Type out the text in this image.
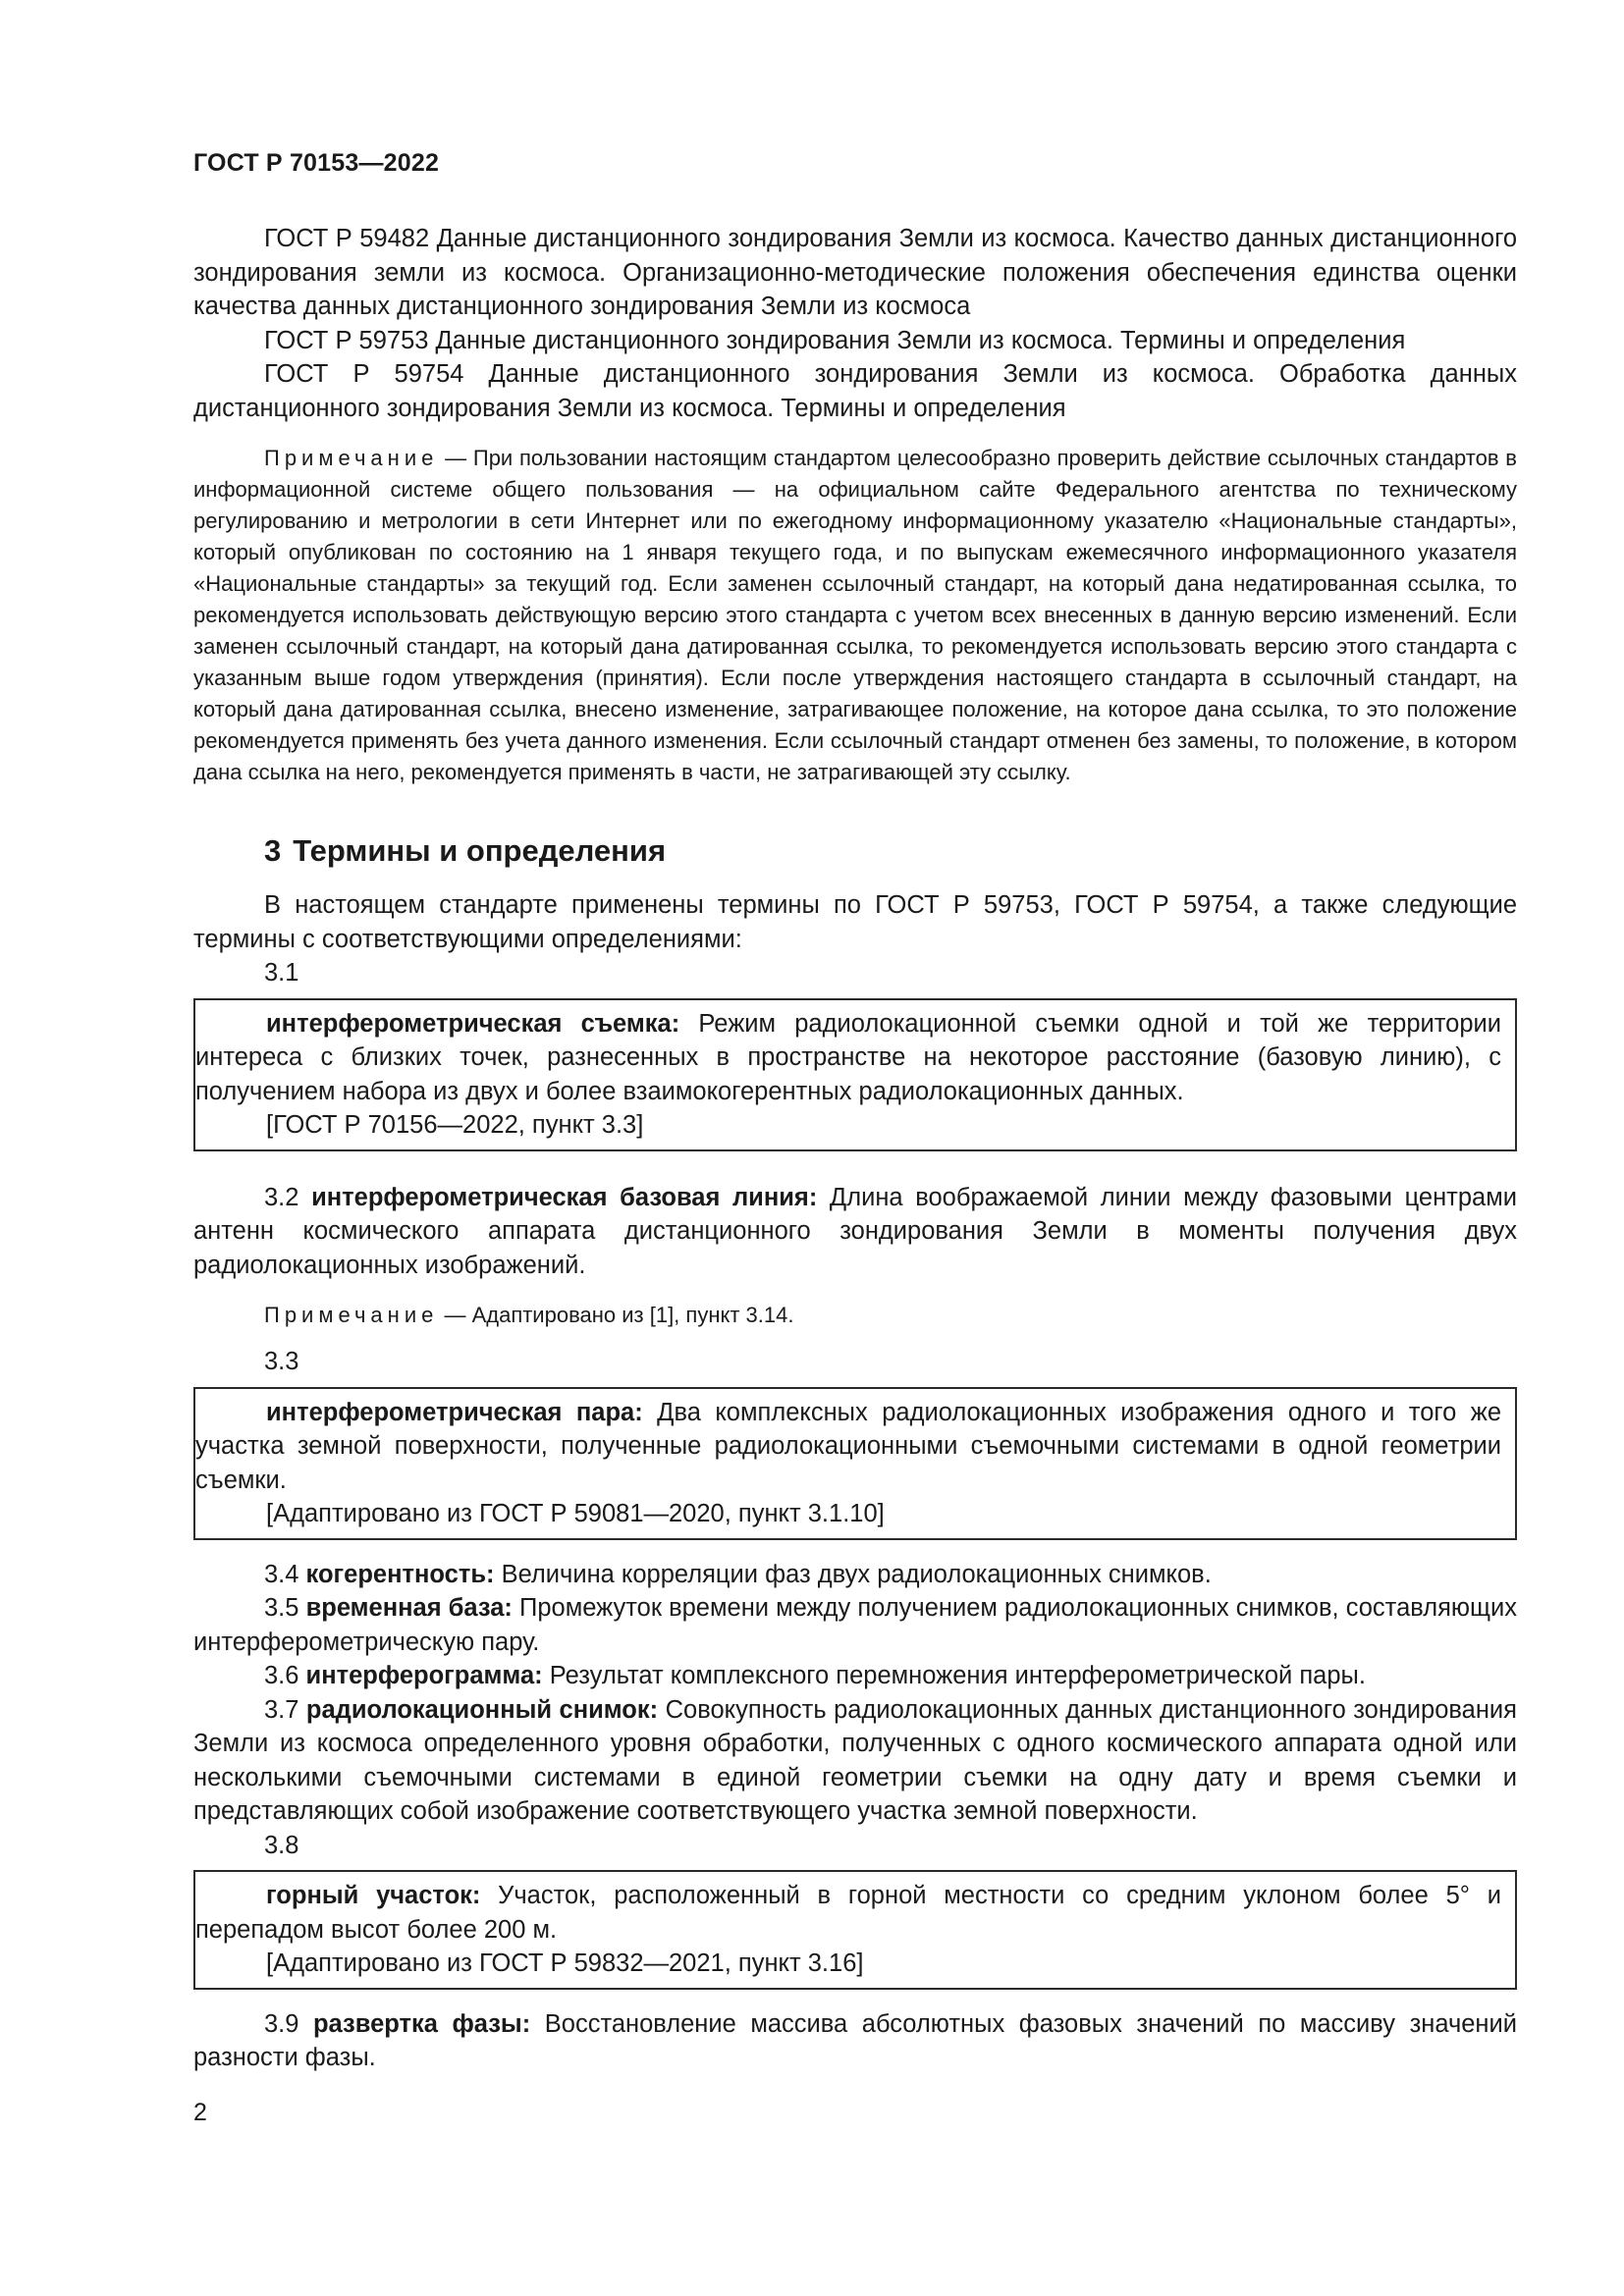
ГОСТ Р 70153—2022

ГОСТ Р 59482 Данные дистанционного зондирования Земли из космоса. Качество данных дистанционного зондирования земли из космоса. Организационно-методические положения обеспечения единства оценки качества данных дистанционного зондирования Земли из космоса

ГОСТ Р 59753 Данные дистанционного зондирования Земли из космоса. Термины и определения

ГОСТ Р 59754 Данные дистанционного зондирования Земли из космоса. Обработка данных дистанционного зондирования Земли из космоса. Термины и определения

Примечание — При пользовании настоящим стандартом целесообразно проверить действие ссылочных стандартов в информационной системе общего пользования — на официальном сайте Федерального агентства по техническому регулированию и метрологии в сети Интернет или по ежегодному информационному указателю «Национальные стандарты», который опубликован по состоянию на 1 января текущего года, и по выпускам ежемесячного информационного указателя «Национальные стандарты» за текущий год. Если заменен ссылочный стандарт, на который дана недатированная ссылка, то рекомендуется использовать действующую версию этого стандарта с учетом всех внесенных в данную версию изменений. Если заменен ссылочный стандарт, на который дана датированная ссылка, то рекомендуется использовать версию этого стандарта с указанным выше годом утверждения (принятия). Если после утверждения настоящего стандарта в ссылочный стандарт, на который дана датированная ссылка, внесено изменение, затрагивающее положение, на которое дана ссылка, то это положение рекомендуется применять без учета данного изменения. Если ссылочный стандарт отменен без замены, то положение, в котором дана ссылка на него, рекомендуется применять в части, не затрагивающей эту ссылку.

3 Термины и определения

В настоящем стандарте применены термины по ГОСТ Р 59753, ГОСТ Р 59754, а также следующие термины с соответствующими определениями:

3.1

интерферометрическая съемка: Режим радиолокационной съемки одной и той же территории интереса с близких точек, разнесенных в пространстве на некоторое расстояние (базовую линию), с получением набора из двух и более взаимокогерентных радиолокационных данных.

[ГОСТ Р 70156—2022, пункт 3.3]

3.2 интерферометрическая базовая линия: Длина воображаемой линии между фазовыми центрами антенн космического аппарата дистанционного зондирования Земли в моменты получения двух радиолокационных изображений.

Примечание — Адаптировано из [1], пункт 3.14.

3.3

интерферометрическая пара: Два комплексных радиолокационных изображения одного и того же участка земной поверхности, полученные радиолокационными съемочными системами в одной геометрии съемки.

[Адаптировано из ГОСТ Р 59081—2020, пункт 3.1.10]

3.4 когерентность: Величина корреляции фаз двух радиолокационных снимков.

3.5 временная база: Промежуток времени между получением радиолокационных снимков, составляющих интерферометрическую пару.

3.6 интерферограмма: Результат комплексного перемножения интерферометрической пары.

3.7 радиолокационный снимок: Совокупность радиолокационных данных дистанционного зондирования Земли из космоса определенного уровня обработки, полученных с одного космического аппарата одной или несколькими съемочными системами в единой геометрии съемки на одну дату и время съемки и представляющих собой изображение соответствующего участка земной поверхности.

3.8

горный участок: Участок, расположенный в горной местности со средним уклоном более 5° и перепадом высот более 200 м.

[Адаптировано из ГОСТ Р 59832—2021, пункт 3.16]

3.9 развертка фазы: Восстановление массива абсолютных фазовых значений по массиву значений разности фазы.

2
